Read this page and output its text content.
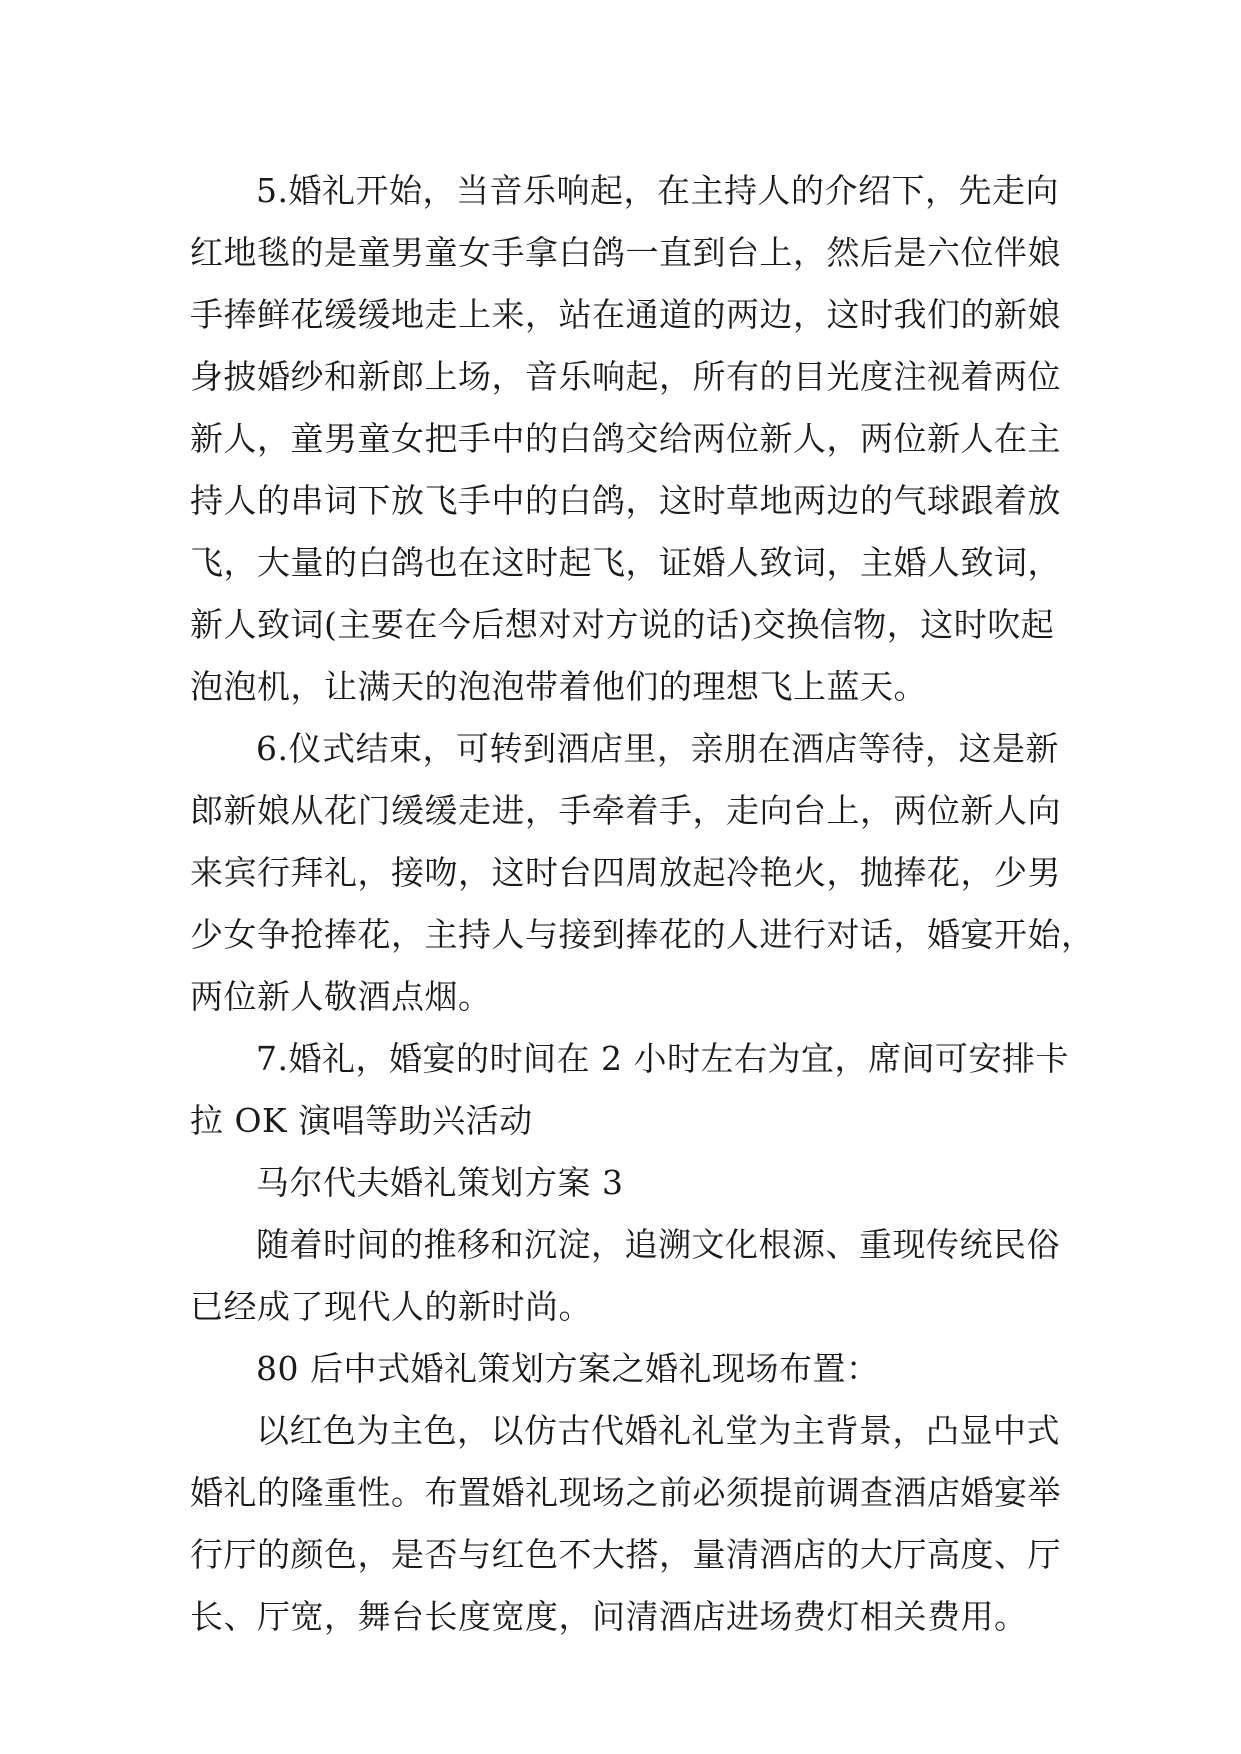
5.婚礼开始，当音乐响起，在主持人的介绍下，先走向
红地毯的是童男童女手拿白鸽一直到台上，然后是六位伴娘
手捧鲜花缓缓地走上来，站在通道的两边，这时我们的新娘
身披婚纱和新郎上场，音乐响起，所有的目光度注视着两位
新人，童男童女把手中的白鸽交给两位新人，两位新人在主
持人的串词下放飞手中的白鸽，这时草地两边的气球跟着放
飞，大量的白鸽也在这时起飞，证婚人致词，主婚人致词，
新人致词(主要在今后想对对方说的话)交换信物，这时吹起
泡泡机，让满天的泡泡带着他们的理想飞上蓝天。

6.仪式结束，可转到酒店里，亲朋在酒店等待，这是新
郎新娘从花门缓缓走进，手牵着手，走向台上，两位新人向
来宾行拜礼，接吻，这时台四周放起冷艳火，抛捧花，少男
少女争抢捧花，主持人与接到捧花的人进行对话，婚宴开始，
两位新人敬酒点烟。

7.婚礼，婚宴的时间在 2 小时左右为宜，席间可安排卡
拉 OK 演唱等助兴活动

马尔代夫婚礼策划方案 3

随着时间的推移和沉淀，追溯文化根源、重现传统民俗
已经成了现代人的新时尚。

80 后中式婚礼策划方案之婚礼现场布置：

以红色为主色，以仿古代婚礼礼堂为主背景，凸显中式
婚礼的隆重性。布置婚礼现场之前必须提前调查酒店婚宴举
行厅的颜色，是否与红色不大搭，量清酒店的大厅高度、厅
长、厅宽，舞台长度宽度，问清酒店进场费灯相关费用。
